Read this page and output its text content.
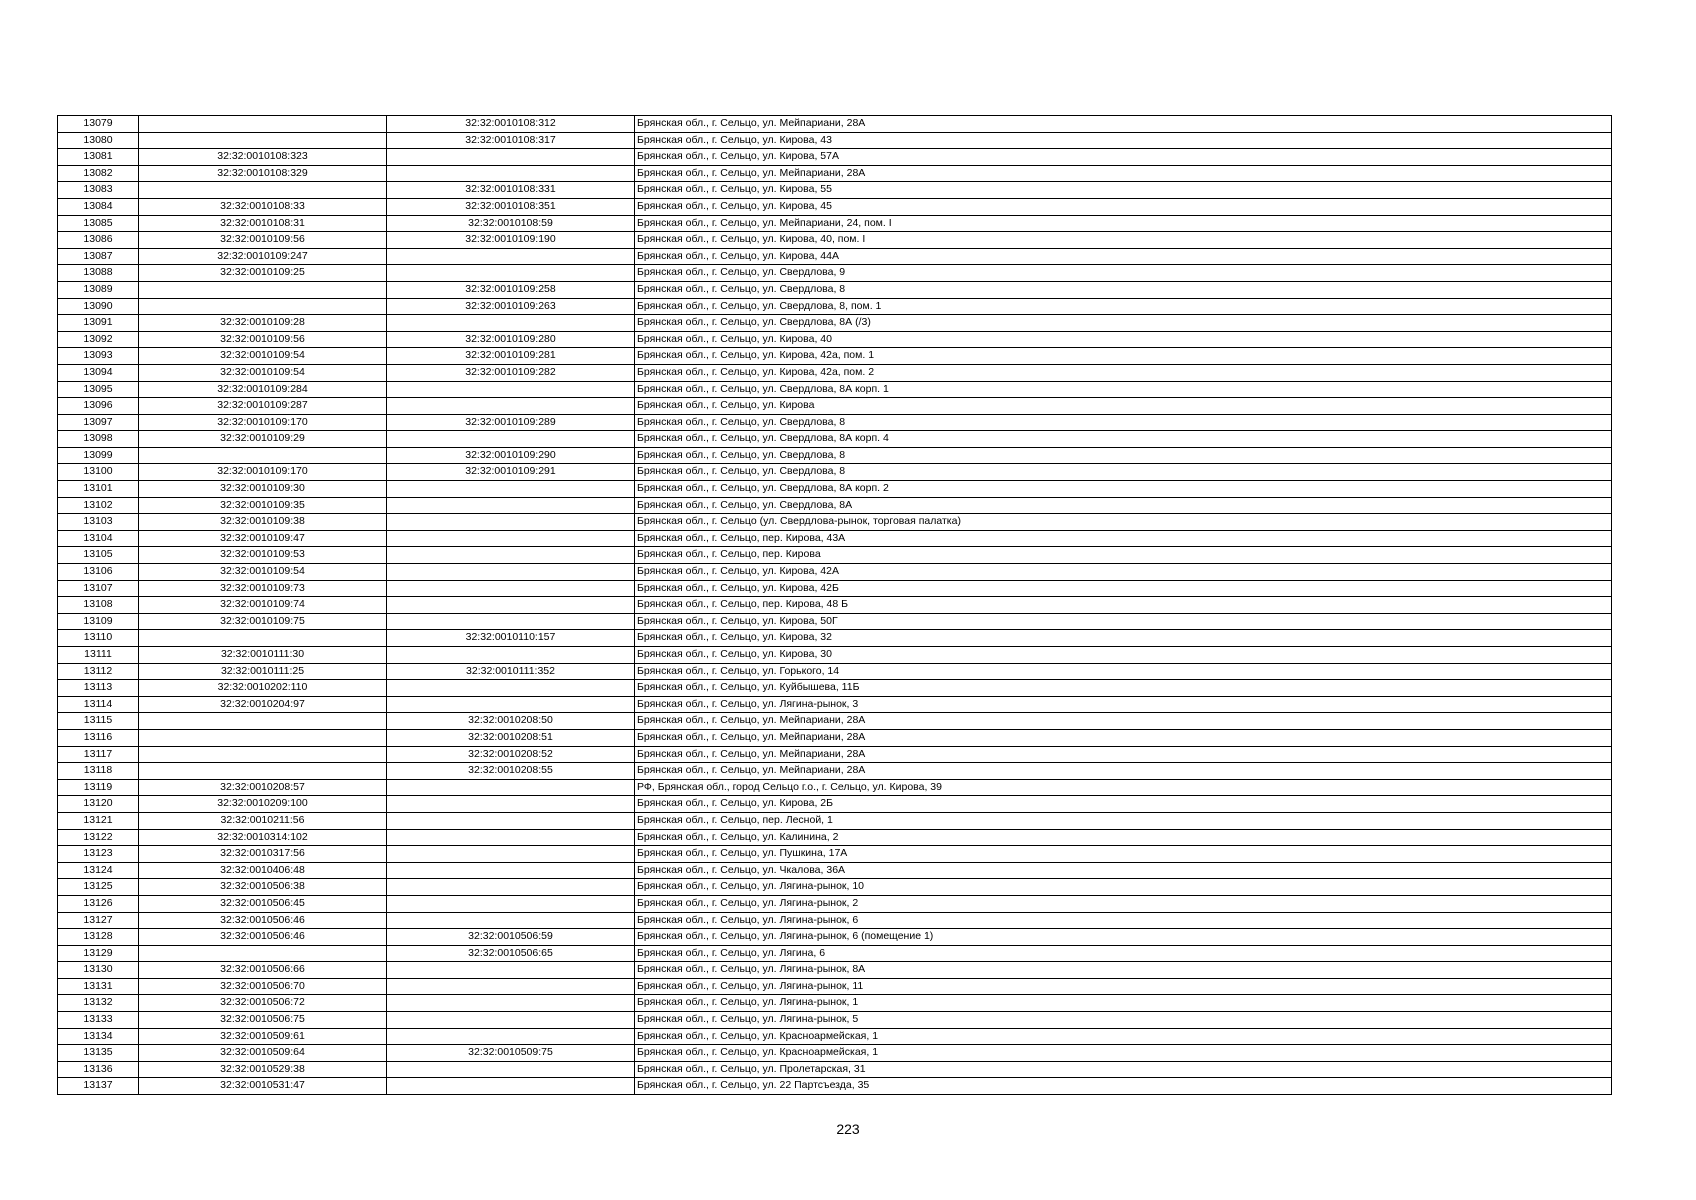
13079		32:32:0010108:312	Брянская обл., г. Сельцо, ул. Мейпариани, 28А
13080		32:32:0010108:317	Брянская обл., г. Сельцо, ул. Кирова, 43
13081	32:32:0010108:323		Брянская обл., г. Сельцо, ул. Кирова, 57А
13082	32:32:0010108:329		Брянская обл., г. Сельцо, ул. Мейпариани, 28А
13083		32:32:0010108:331	Брянская обл., г. Сельцо, ул. Кирова, 55
13084	32:32:0010108:33	32:32:0010108:351	Брянская обл., г. Сельцо, ул. Кирова, 45
13085	32:32:0010108:31	32:32:0010108:59	Брянская обл., г. Сельцо, ул. Мейпариани, 24, пом. I
13086	32:32:0010109:56	32:32:0010109:190	Брянская обл., г. Сельцо, ул. Кирова, 40, пом. I
13087	32:32:0010109:247		Брянская обл., г. Сельцо, ул. Кирова, 44А
13088	32:32:0010109:25		Брянская обл., г. Сельцо, ул. Свердлова, 9
13089		32:32:0010109:258	Брянская обл., г. Сельцо, ул. Свердлова, 8
13090		32:32:0010109:263	Брянская обл., г. Сельцо, ул. Свердлова, 8, пом. 1
13091	32:32:0010109:28		Брянская обл., г. Сельцо, ул. Свердлова, 8А (/3)
13092	32:32:0010109:56	32:32:0010109:280	Брянская обл., г. Сельцо, ул. Кирова, 40
13093	32:32:0010109:54	32:32:0010109:281	Брянская обл., г. Сельцо, ул. Кирова, 42а, пом. 1
13094	32:32:0010109:54	32:32:0010109:282	Брянская обл., г. Сельцо, ул. Кирова, 42а, пом. 2
13095	32:32:0010109:284		Брянская обл., г. Сельцо, ул. Свердлова, 8А корп. 1
13096	32:32:0010109:287		Брянская обл., г. Сельцо, ул. Кирова
13097	32:32:0010109:170	32:32:0010109:289	Брянская обл., г. Сельцо, ул. Свердлова, 8
13098	32:32:0010109:29		Брянская обл., г. Сельцо, ул. Свердлова, 8А корп. 4
13099		32:32:0010109:290	Брянская обл., г. Сельцо, ул. Свердлова, 8
13100	32:32:0010109:170	32:32:0010109:291	Брянская обл., г. Сельцо, ул. Свердлова, 8
13101	32:32:0010109:30		Брянская обл., г. Сельцо, ул. Свердлова, 8А корп. 2
13102	32:32:0010109:35		Брянская обл., г. Сельцо, ул. Свердлова, 8А
13103	32:32:0010109:38		Брянская обл., г. Сельцо (ул. Свердлова-рынок, торговая палатка)
13104	32:32:0010109:47		Брянская обл., г. Сельцо, пер. Кирова, 43А
13105	32:32:0010109:53		Брянская обл., г. Сельцо, пер. Кирова
13106	32:32:0010109:54		Брянская обл., г. Сельцо, ул. Кирова, 42А
13107	32:32:0010109:73		Брянская обл., г. Сельцо, ул. Кирова, 42Б
13108	32:32:0010109:74		Брянская обл., г. Сельцо, пер. Кирова, 48 Б
13109	32:32:0010109:75		Брянская обл., г. Сельцо, ул. Кирова, 50Г
13110		32:32:0010110:157	Брянская обл., г. Сельцо, ул. Кирова, 32
13111	32:32:0010111:30		Брянская обл., г. Сельцо, ул. Кирова, 30
13112	32:32:0010111:25	32:32:0010111:352	Брянская обл., г. Сельцо, ул. Горького, 14
13113	32:32:0010202:110		Брянская обл., г. Сельцо, ул. Куйбышева, 11Б
13114	32:32:0010204:97		Брянская обл., г. Сельцо, ул. Лягина-рынок, 3
13115		32:32:0010208:50	Брянская обл., г. Сельцо, ул. Мейпариани, 28А
13116		32:32:0010208:51	Брянская обл., г. Сельцо, ул. Мейпариани, 28А
13117		32:32:0010208:52	Брянская обл., г. Сельцо, ул. Мейпариани, 28А
13118		32:32:0010208:55	Брянская обл., г. Сельцо, ул. Мейпариани, 28А
13119	32:32:0010208:57		РФ, Брянская обл., город Сельцо г.о., г. Сельцо, ул. Кирова, 39
13120	32:32:0010209:100		Брянская обл., г. Сельцо, ул. Кирова, 2Б
13121	32:32:0010211:56		Брянская обл., г. Сельцо, пер. Лесной, 1
13122	32:32:0010314:102		Брянская обл., г. Сельцо, ул. Калинина, 2
13123	32:32:0010317:56		Брянская обл., г. Сельцо, ул. Пушкина, 17А
13124	32:32:0010406:48		Брянская обл., г. Сельцо, ул. Чкалова, 36А
13125	32:32:0010506:38		Брянская обл., г. Сельцо, ул. Лягина-рынок, 10
13126	32:32:0010506:45		Брянская обл., г. Сельцо, ул. Лягина-рынок, 2
13127	32:32:0010506:46		Брянская обл., г. Сельцо, ул. Лягина-рынок, 6
13128	32:32:0010506:46	32:32:0010506:59	Брянская обл., г. Сельцо, ул. Лягина-рынок, 6 (помещение 1)
13129		32:32:0010506:65	Брянская обл., г. Сельцо, ул. Лягина, 6
13130	32:32:0010506:66		Брянская обл., г. Сельцо, ул. Лягина-рынок, 8А
13131	32:32:0010506:70		Брянская обл., г. Сельцо, ул. Лягина-рынок, 11
13132	32:32:0010506:72		Брянская обл., г. Сельцо, ул. Лягина-рынок, 1
13133	32:32:0010506:75		Брянская обл., г. Сельцо, ул. Лягина-рынок, 5
13134	32:32:0010509:61		Брянская обл., г. Сельцо, ул. Красноармейская, 1
13135	32:32:0010509:64	32:32:0010509:75	Брянская обл., г. Сельцо, ул. Красноармейская, 1
13136	32:32:0010529:38		Брянская обл., г. Сельцо, ул. Пролетарская, 31
13137	32:32:0010531:47		Брянская обл., г. Сельцо, ул. 22 Партсъезда, 35
223
